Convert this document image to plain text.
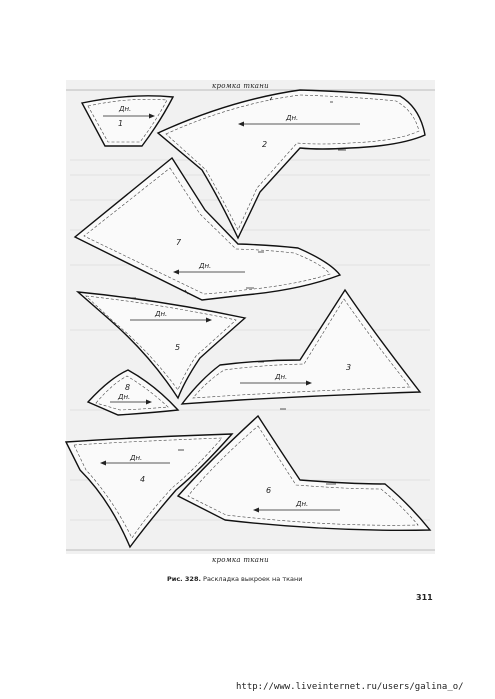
кромка ткани
Дн.
1
Дн.
2
Дн.
7
Дн.
5
Дн.
3
Дн.
8
Дн.
4
Дн.
6
кромка ткани
Рис. 328. Раскладка выкроек на ткани
311
http://www.liveinternet.ru/users/galina_o/
